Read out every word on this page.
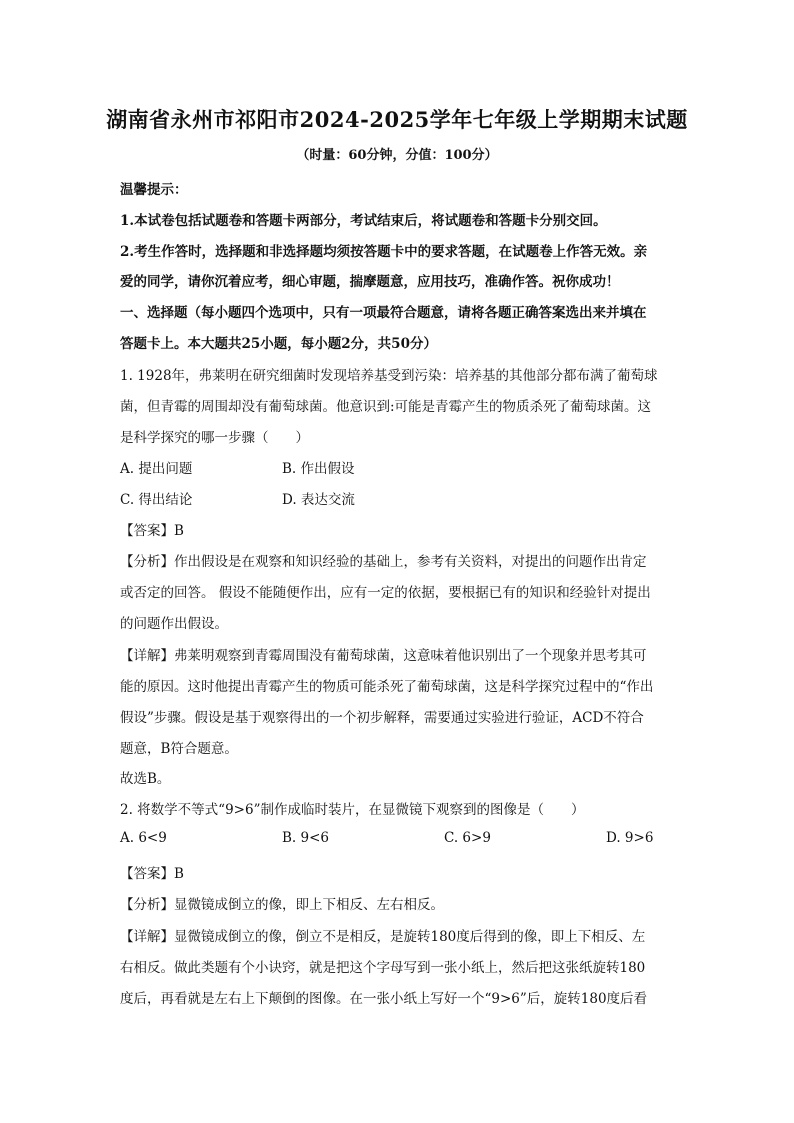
湖南省永州市祁阳市2024-2025学年七年级上学期期末试题
（时量：60分钟，分值：100分）
温馨提示：
1.本试卷包括试题卷和答题卡两部分，考试结束后，将试题卷和答题卡分别交回。
2.考生作答时，选择题和非选择题均须按答题卡中的要求答题，在试题卷上作答无效。亲
爱的同学，请你沉着应考，细心审题，揣摩题意，应用技巧，准确作答。祝你成功！
一、选择题（每小题四个选项中，只有一项最符合题意，请将各题正确答案选出来并填在
答题卡上。本大题共25小题，每小题2分，共50分）
1. 1928年，弗莱明在研究细菌时发现培养基受到污染：培养基的其他部分都布满了葡萄球
菌，但青霉的周围却没有葡萄球菌。他意识到:可能是青霉产生的物质杀死了葡萄球菌。这
是科学探究的哪一步骤（　　）
A. 提出问题	B. 作出假设
C. 得出结论	D. 表达交流
【答案】B
【分析】作出假设是在观察和知识经验的基础上，参考有关资料，对提出的问题作出肯定
或否定的回答。 假设不能随便作出，应有一定的依据，要根据已有的知识和经验针对提出
的问题作出假设。
【详解】弗莱明观察到青霉周围没有葡萄球菌，这意味着他识别出了一个现象并思考其可
能的原因。这时他提出青霉产生的物质可能杀死了葡萄球菌，这是科学探究过程中的“作出
假设”步骤。假设是基于观察得出的一个初步解释，需要通过实验进行验证，ACD不符合
题意，B符合题意。
故选B。
2. 将数学不等式“9>6”制作成临时装片，在显微镜下观察到的图像是（　　）
A. 6<9	B. 9<6	C. 6>9	D. 9>6
【答案】B
【分析】显微镜成倒立的像，即上下相反、左右相反。
【详解】显微镜成倒立的像，倒立不是相反，是旋转180度后得到的像，即上下相反、左
右相反。做此类题有个小诀窍，就是把这个字母写到一张小纸上，然后把这张纸旋转180
度后，再看就是左右上下颠倒的图像。在一张小纸上写好一个“9>6”后，旋转180度后看
